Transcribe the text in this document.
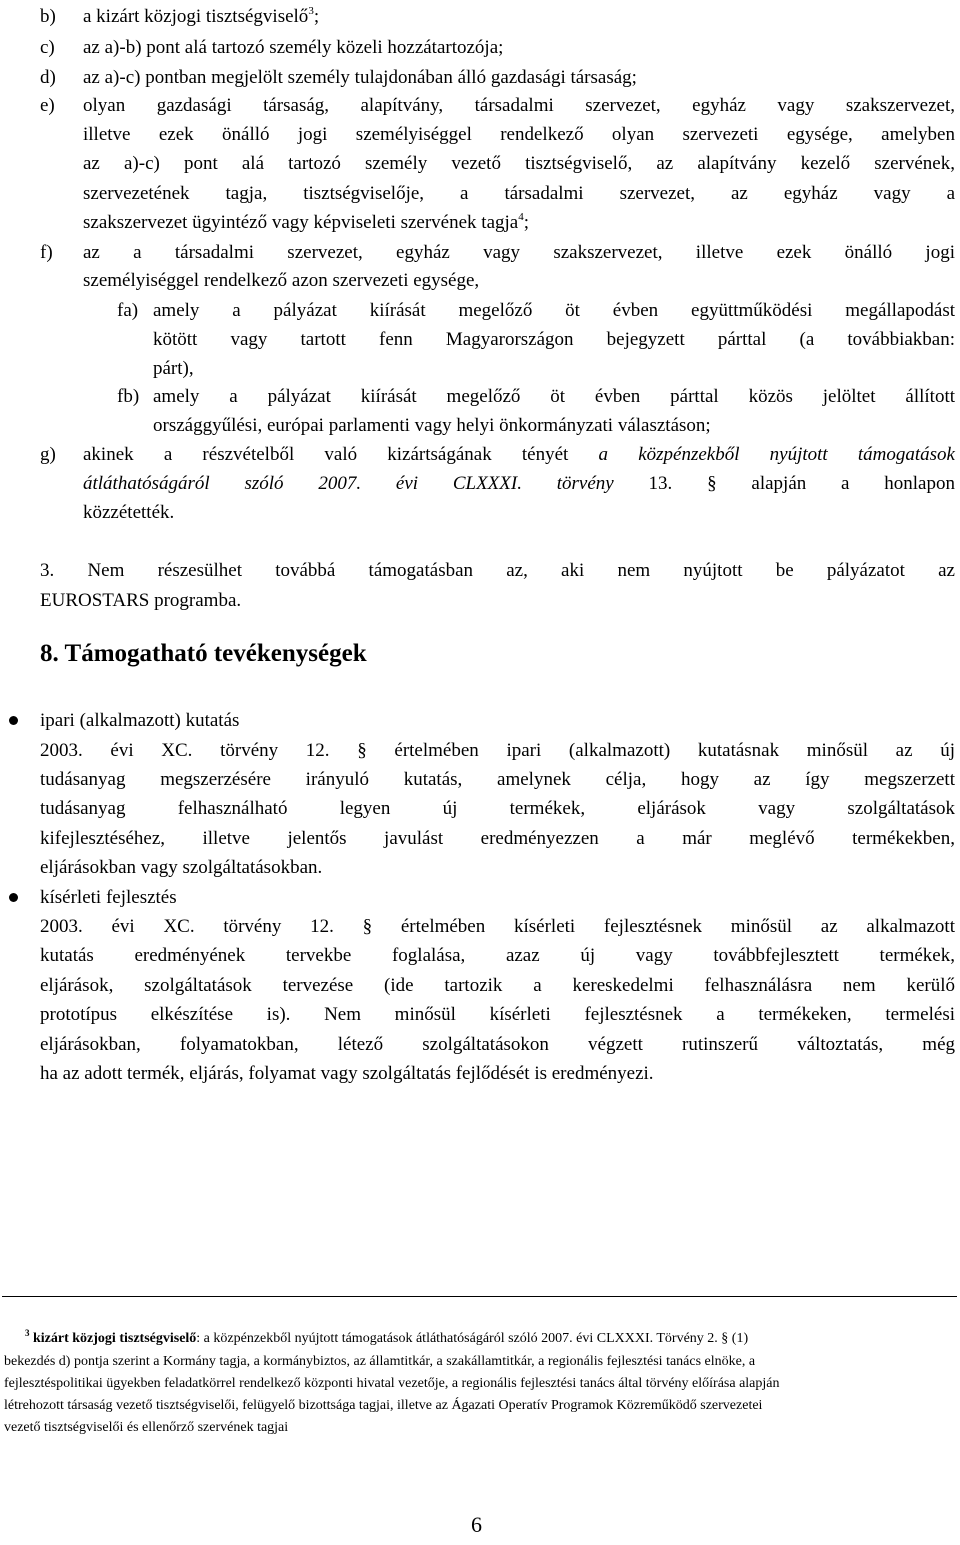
b) a kizárt közjogi tisztségviselő$^3$;
c) az a)-b) pont alá tartozó személy közeli hozzátartozója;
d) az a)-c) pontban megjelölt személy tulajdonában álló gazdasági társaság;
e) olyan gazdasági társaság, alapítvány, társadalmi szervezet, egyház vagy szakszervezet,
illetve ezek önálló jogi személyiséggel rendelkező olyan szervezeti egysége, amelyben
az a)-c) pont alá tartozó személy vezető tisztségviselő, az alapítvány kezelő szervének,
szervezetének tagja, tisztségviselője, a társadalmi szervezet, az egyház vagy a
szakszervezet ügyintéző vagy képviseleti szervének tagja$^4$;
f) az a társadalmi szervezet, egyház vagy szakszervezet, illetve ezek önálló jogi
személyiséggel rendelkező azon szervezeti egysége,
fa) amely a pályázat kiírását megelőző öt évben együttműködési megállapodást
kötött vagy tartott fenn Magyarországon bejegyzett párttal (a továbbiakban:
párt),
fb) amely a pályázat kiírását megelőző öt évben párttal közös jelöltet állított
országgyűlési, európai parlamenti vagy helyi önkormányzati választáson;
g) akinek a részvételből való kizártságának tényét a közpénzekből nyújtott támogatások
átláthatóságáról szóló 2007. évi CLXXXI. törvény 13. § alapján a honlapon
közzétették.
3. Nem részesülhet továbbá támogatásban az, aki nem nyújtott be pályázatot az
EUROSTARS programba.
8. Támogatható tevékenységek
ipari (alkalmazott) kutatás
2003. évi XC. törvény 12. § értelmében ipari (alkalmazott) kutatásnak minősül az új
tudásanyag megszerzésére irányuló kutatás, amelynek célja, hogy az így megszerzett
tudásanyag felhasználható legyen új termékek, eljárások vagy szolgáltatások
kifejlesztéséhez, illetve jelentős javulást eredményezzen a már meglévő termékekben,
eljárásokban vagy szolgáltatásokban.
kísérleti fejlesztés
2003. évi XC. törvény 12. § értelmében kísérleti fejlesztésnek minősül az alkalmazott
kutatás eredményének tervekbe foglalása, azaz új vagy továbbfejlesztett termékek,
eljárások, szolgáltatások tervezése (ide tartozik a kereskedelmi felhasználásra nem kerülő
prototípus elkészítése is). Nem minősül kísérleti fejlesztésnek a termékeken, termelési
eljárásokban, folyamatokban, létező szolgáltatásokon végzett rutinszerű változtatás, még
ha az adott termék, eljárás, folyamat vagy szolgáltatás fejlődését is eredményezi.
$^3$ kizárt közjogi tisztségviselő: a közpénzekből nyújtott támogatások átláthatóságáról szóló 2007. évi CLXXXI. Törvény 2. § (1)
bekezdés d) pontja szerint a Kormány tagja, a kormánybiztos, az államtitkár, a szakállamtitkár, a regionális fejlesztési tanács elnöke, a
fejlesztéspolitikai ügyekben feladatkörrel rendelkező központi hivatal vezetője, a regionális fejlesztési tanács által törvény előírása alapján
létrehozott társaság vezető tisztségviselői, felügyelő bizottsága tagjai, illetve az Ágazati Operatív Programok Közreműködő szervezetei
vezető tisztségviselői és ellenőrző szervének tagjai
6
